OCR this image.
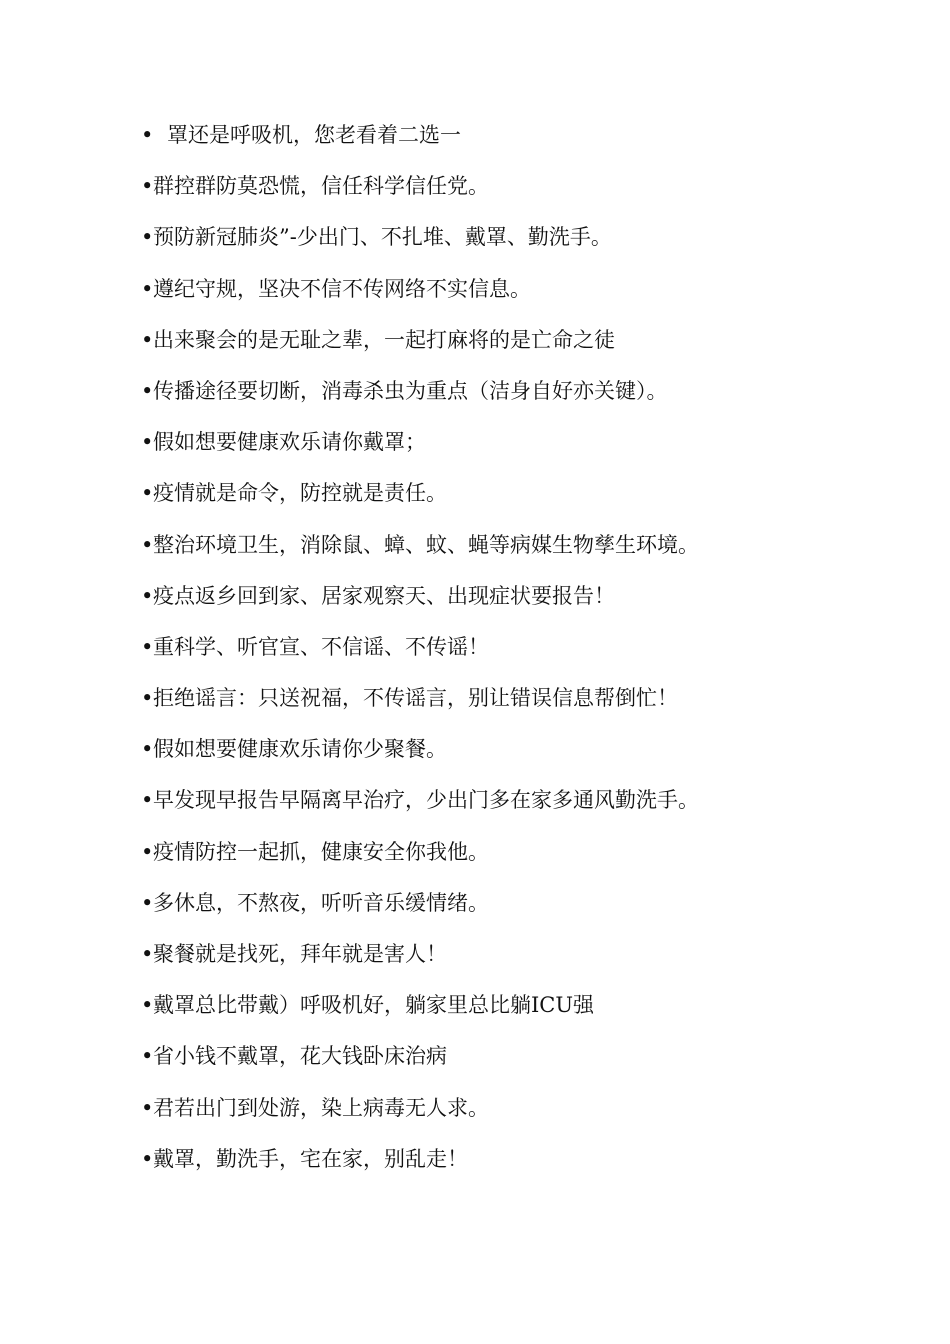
• 罩还是呼吸机，您老看着二选一
•群控群防莫恐慌，信任科学信任党。
•预防新冠肺炎”-少出门、不扎堆、戴罩、勤洗手。
•遵纪守规，坚决不信不传网络不实信息。
•出来聚会的是无耻之辈，一起打麻将的是亡命之徒
•传播途径要切断，消毒杀虫为重点（洁身自好亦关键）。
•假如想要健康欢乐请你戴罩；
•疫情就是命令，防控就是责任。
•整治环境卫生，消除鼠、蟑、蚊、蝇等病媒生物孳生环境。
•疫点返乡回到家、居家观察天、出现症状要报告！
•重科学、听官宣、不信谣、不传谣！
•拒绝谣言：只送祝福，不传谣言，别让错误信息帮倒忙！
•假如想要健康欢乐请你少聚餐。
•早发现早报告早隔离早治疗，少出门多在家多通风勤洗手。
•疫情防控一起抓，健康安全你我他。
•多休息，不熬夜，听听音乐缓情绪。
•聚餐就是找死，拜年就是害人！
•戴罩总比带戴）呼吸机好，躺家里总比躺ICU强
•省小钱不戴罩，花大钱卧床治病
•君若出门到处游，染上病毒无人求。
•戴罩，勤洗手，宅在家，别乱走！
